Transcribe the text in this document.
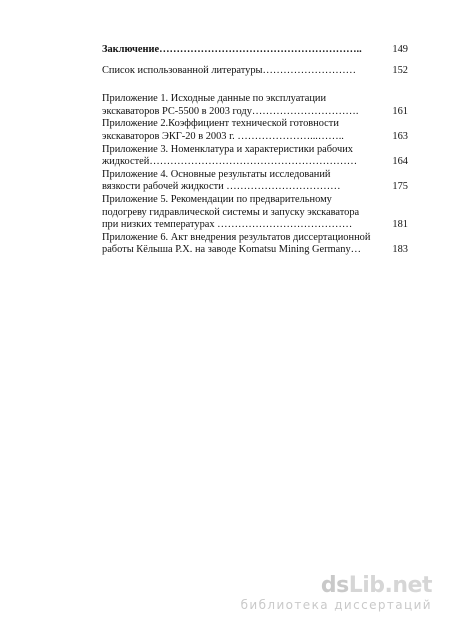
Заключение…………………………………………………..	149
Список использованной литературы………………………	152
Приложение 1. Исходные данные по эксплуатации
экскаваторов РС-5500 в 2003 году………………………….	161
Приложение 2.Коэффициент технической готовности
экскаваторов ЭКГ-20 в 2003 г. …………………...……..	163
Приложение 3. Номенклатура и характеристики рабочих
жидкостей……………………………………………………	164
Приложение 4. Основные результаты исследований
вязкости рабочей жидкости ……………………………	175
Приложение 5. Рекомендации по предварительному
подогреву гидравлической системы и запуску экскаватора
при низких температурах …………………………………	181
Приложение 6. Акт внедрения результатов диссертационной
работы Кёлыша Р.Х. на заводе Komatsu Mining Germany…	183
dsLib.net
библиотека диссертаций
